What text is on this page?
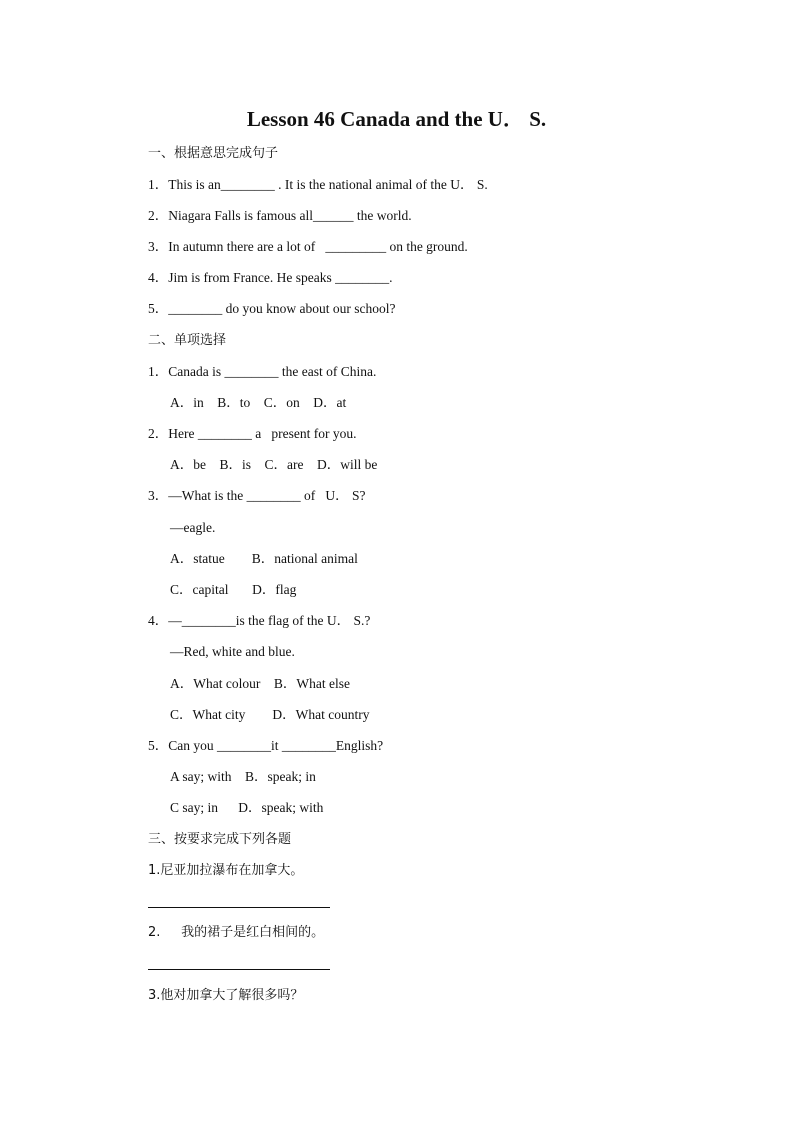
Lesson 46 Canada and the U． S.
一、根据意思完成句子
1．This is an________ . It is the national animal of the U． S.
2．Niagara Falls is famous all______ the world.
3．In autumn there are a lot of   _________ on the ground.
4．Jim is from France. He speaks ________.
5．________ do you know about our school?
二、单项选择
1．Canada is ________ the east of China.
A．in    B．to    C．on    D．at
2．Here ________ a   present for you.
A．be    B．is    C．are    D．will be
3．—What is the ________ of   U． S?
—eagle.
A．statue        B．national animal
C．capital       D．flag
4．—________is the flag of the U． S.?
—Red, white and blue.
A．What colour    B．What else
C．What city        D．What country
5．Can you ________it ________English?
A say; with    B．speak; in
C say; in      D．speak; with
三、按要求完成下列各题
1.尼亚加拉瀑布在加拿大。
2.     我的裙子是红白相间的。
3.他对加拿大了解很多吗？
